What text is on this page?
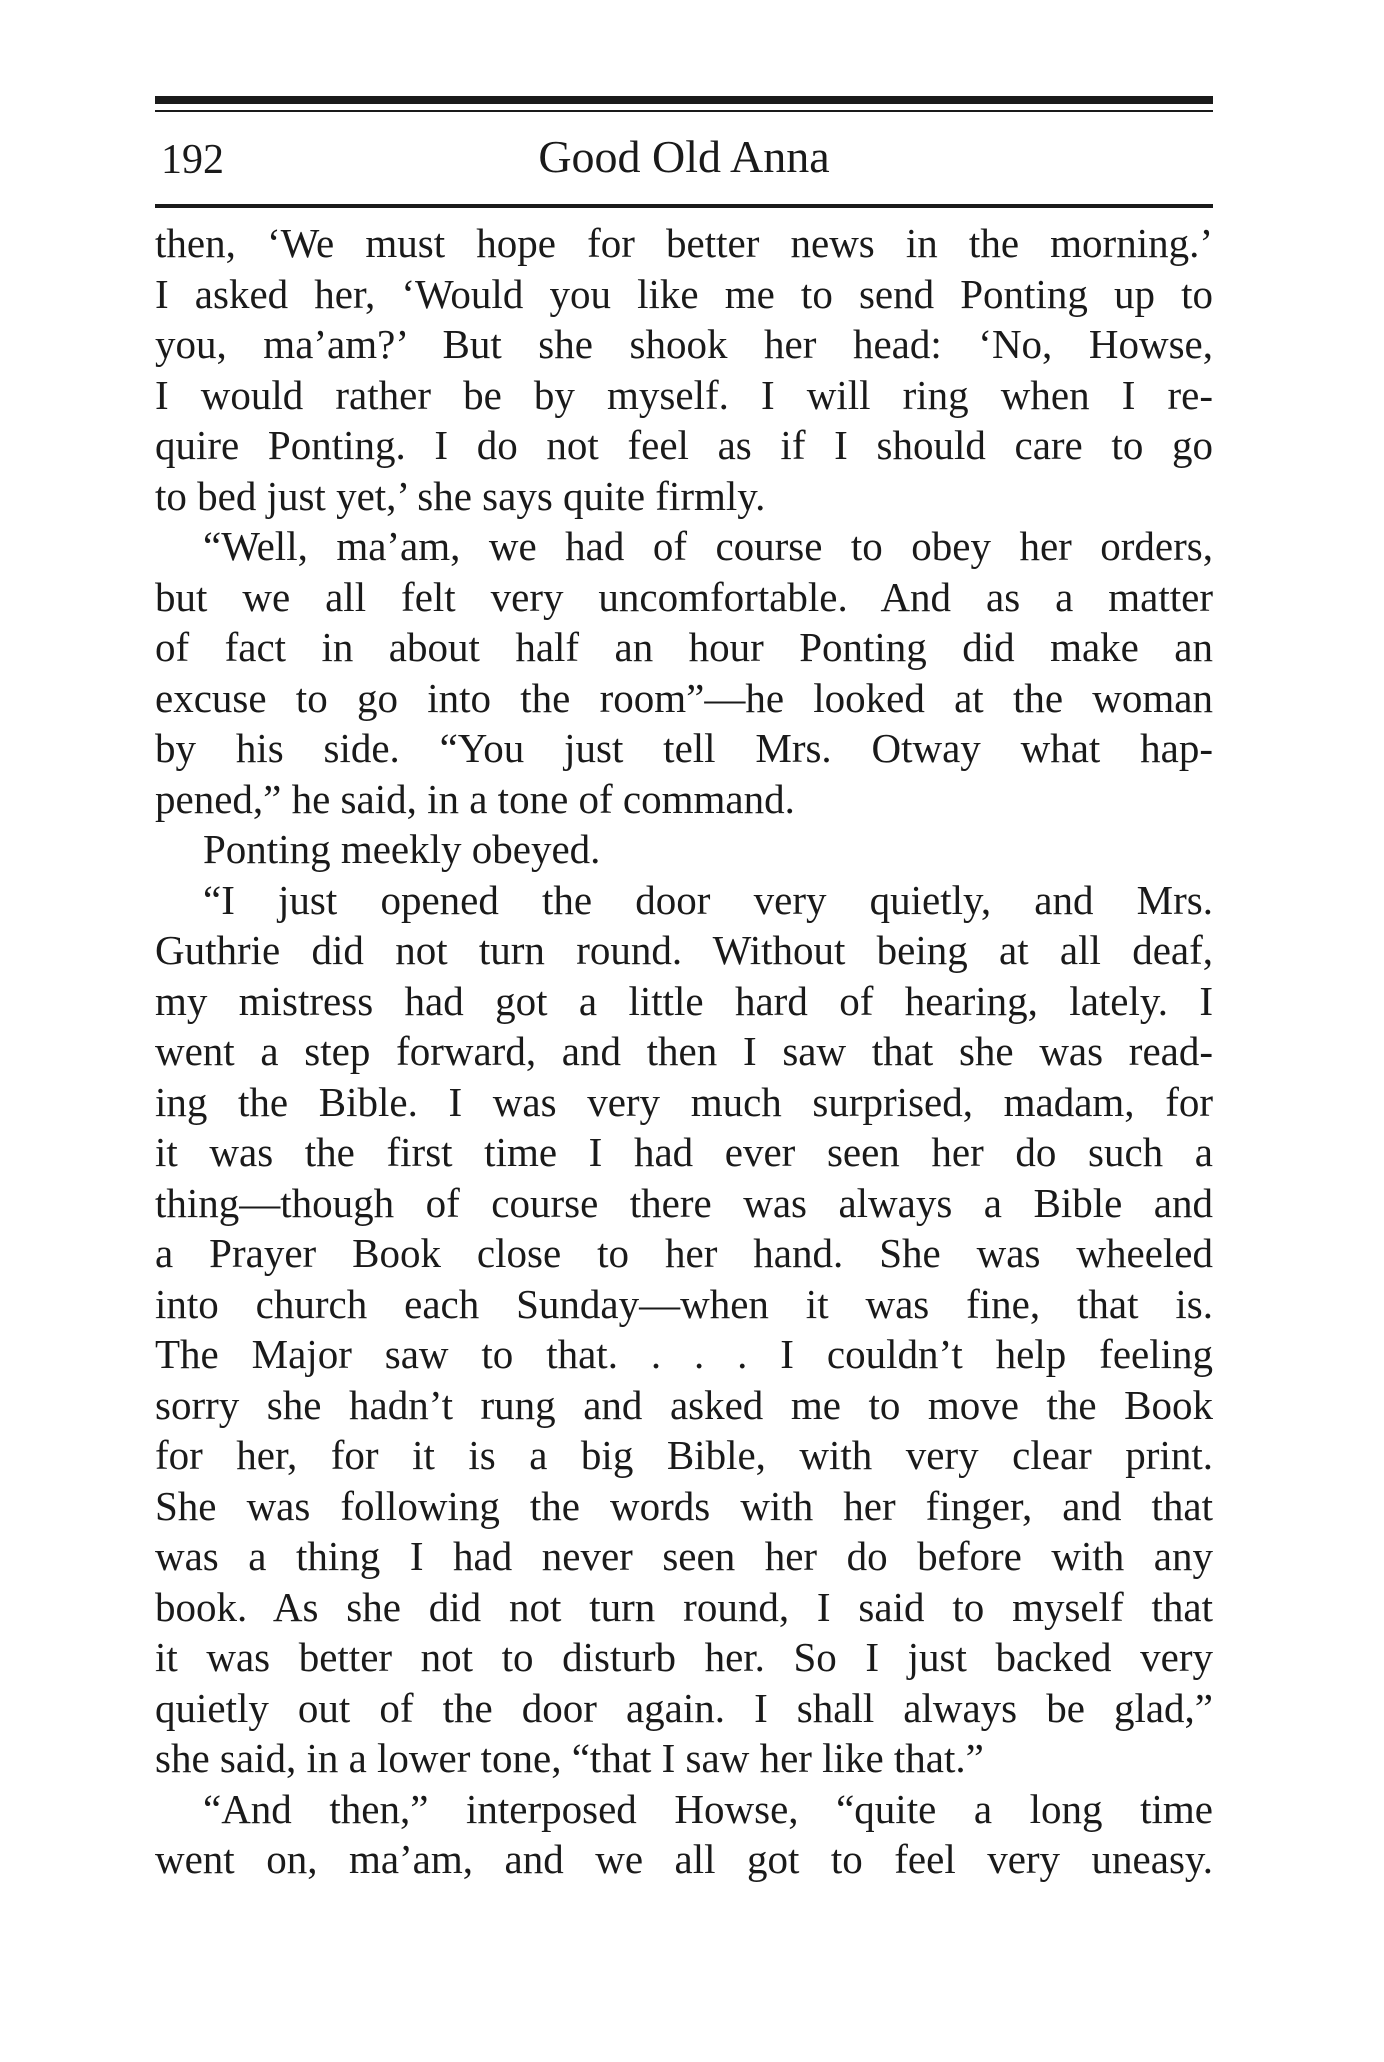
192	Good Old Anna
then, ‘We must hope for better news in the morning.’
I asked her, ‘Would you like me to send Ponting up to
you, ma’am?’ But she shook her head: ‘No, Howse,
I would rather be by myself. I will ring when I re-
quire Ponting. I do not feel as if I should care to go
to bed just yet,’ she says quite firmly.
“Well, ma’am, we had of course to obey her orders,
but we all felt very uncomfortable. And as a matter
of fact in about half an hour Ponting did make an
excuse to go into the room”—he looked at the woman
by his side. “You just tell Mrs. Otway what hap-
pened,” he said, in a tone of command.
Ponting meekly obeyed.
“I just opened the door very quietly, and Mrs.
Guthrie did not turn round. Without being at all deaf,
my mistress had got a little hard of hearing, lately. I
went a step forward, and then I saw that she was read-
ing the Bible. I was very much surprised, madam, for
it was the first time I had ever seen her do such a
thing—though of course there was always a Bible and
a Prayer Book close to her hand. She was wheeled
into church each Sunday—when it was fine, that is.
The Major saw to that. . . . I couldn’t help feeling
sorry she hadn’t rung and asked me to move the Book
for her, for it is a big Bible, with very clear print.
She was following the words with her finger, and that
was a thing I had never seen her do before with any
book. As she did not turn round, I said to myself that
it was better not to disturb her. So I just backed very
quietly out of the door again. I shall always be glad,”
she said, in a lower tone, “that I saw her like that.”
“And then,” interposed Howse, “quite a long time
went on, ma’am, and we all got to feel very uneasy.
